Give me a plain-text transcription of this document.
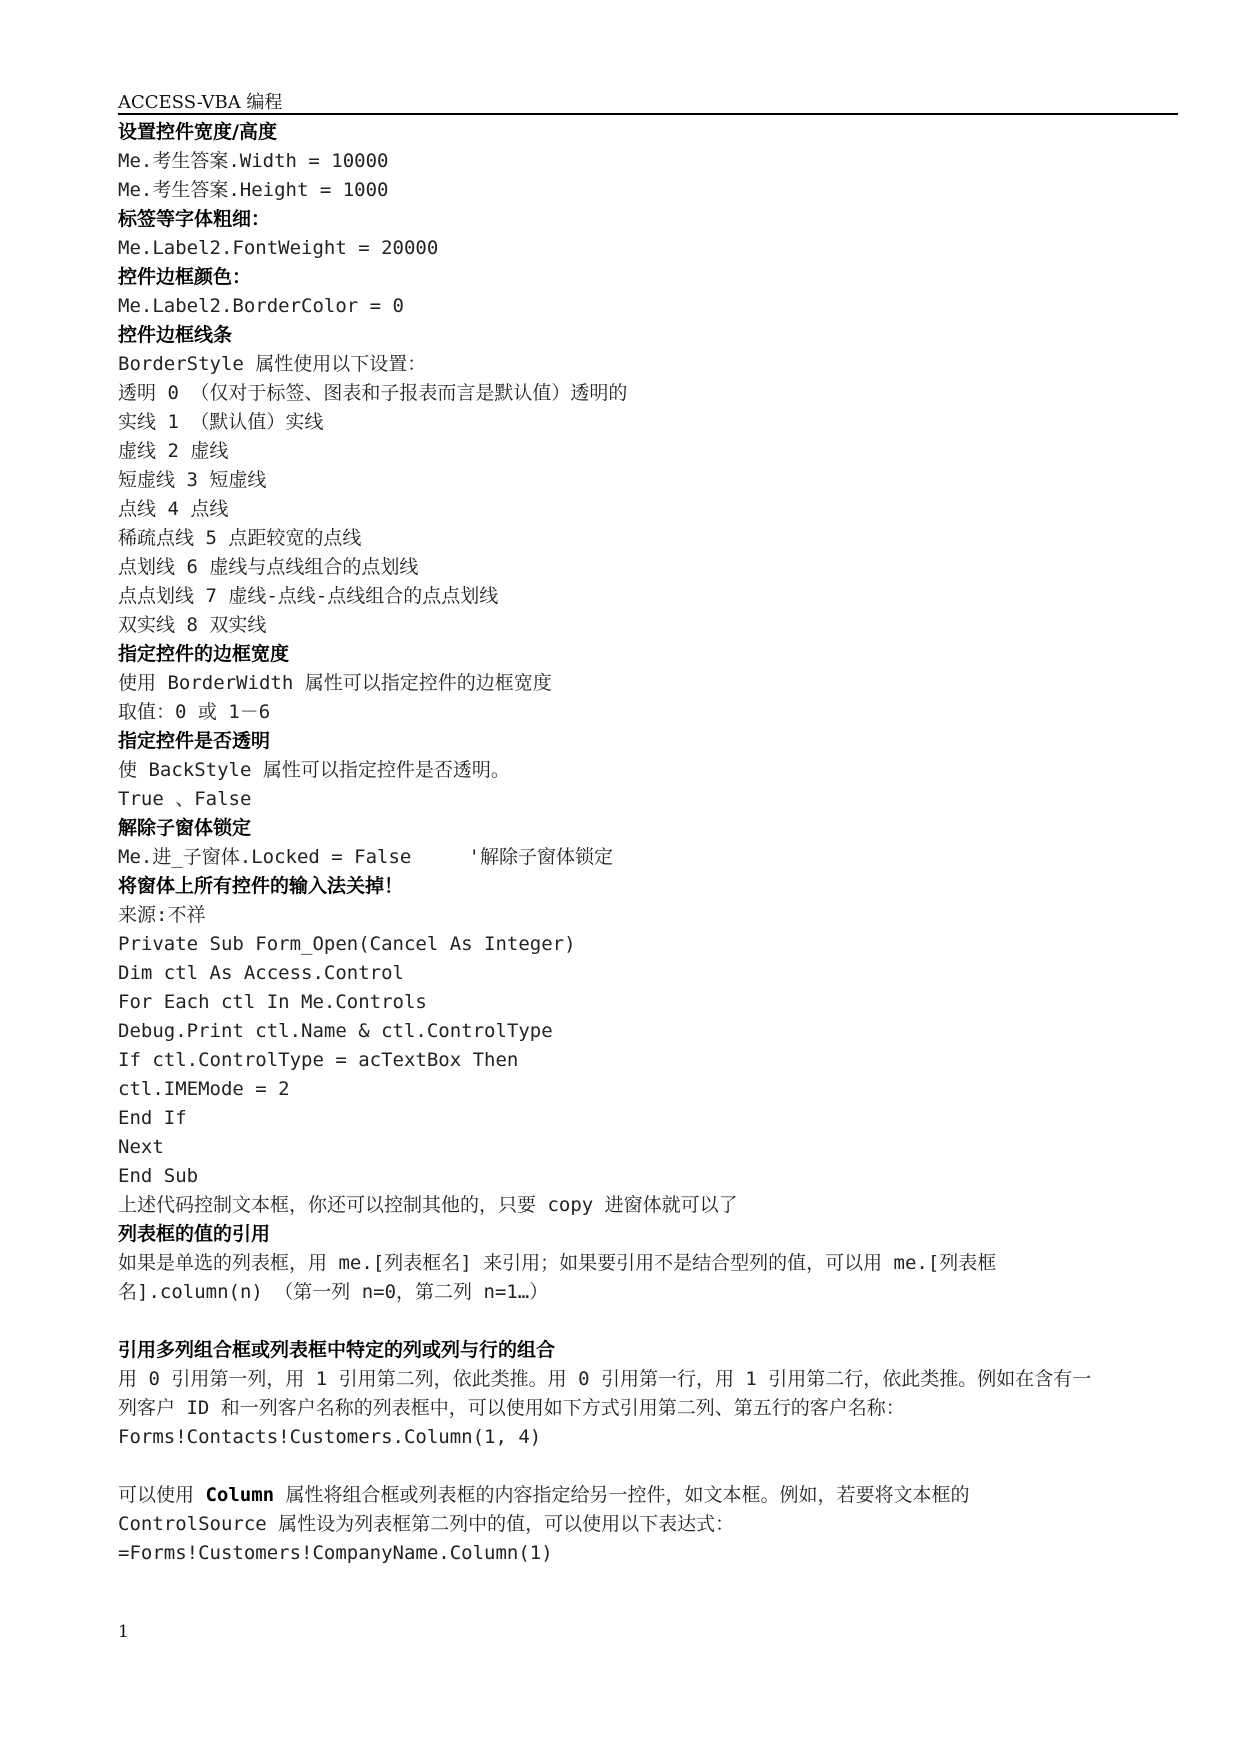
ACCESS-VBA 编程
设置控件宽度/高度
Me.考生答案.Width = 10000
Me.考生答案.Height = 1000
标签等字体粗细：
Me.Label2.FontWeight = 20000
控件边框颜色：
Me.Label2.BorderColor = 0
控件边框线条
BorderStyle 属性使用以下设置：
透明 0 （仅对于标签、图表和子报表而言是默认值）透明的
实线 1 （默认值）实线
虚线 2 虚线
短虚线 3 短虚线
点线 4 点线
稀疏点线 5 点距较宽的点线
点划线 6 虚线与点线组合的点划线
点点划线 7 虚线-点线-点线组合的点点划线
双实线 8 双实线
指定控件的边框宽度
使用 BorderWidth 属性可以指定控件的边框宽度
取值：0 或 1－6
指定控件是否透明
使 BackStyle 属性可以指定控件是否透明。
True 、False
解除子窗体锁定
Me.进_子窗体.Locked = False     '解除子窗体锁定
将窗体上所有控件的输入法关掉！
来源:不祥
Private Sub Form_Open(Cancel As Integer)
Dim ctl As Access.Control
For Each ctl In Me.Controls
Debug.Print ctl.Name & ctl.ControlType
If ctl.ControlType = acTextBox Then
ctl.IMEMode = 2
End If
Next
End Sub
上述代码控制文本框，你还可以控制其他的，只要 copy 进窗体就可以了
列表框的值的引用
如果是单选的列表框，用 me.[列表框名] 来引用；如果要引用不是结合型列的值，可以用 me.[列表框
名].column(n) （第一列 n=0，第二列 n=1…）
引用多列组合框或列表框中特定的列或列与行的组合
用 0 引用第一列，用 1 引用第二列，依此类推。用 0 引用第一行，用 1 引用第二行，依此类推。例如在含有一
列客户 ID 和一列客户名称的列表框中，可以使用如下方式引用第二列、第五行的客户名称：
Forms!Contacts!Customers.Column(1, 4)
可以使用 Column 属性将组合框或列表框的内容指定给另一控件，如文本框。例如，若要将文本框的
ControlSource 属性设为列表框第二列中的值，可以使用以下表达式：
=Forms!Customers!CompanyName.Column(1)
1
